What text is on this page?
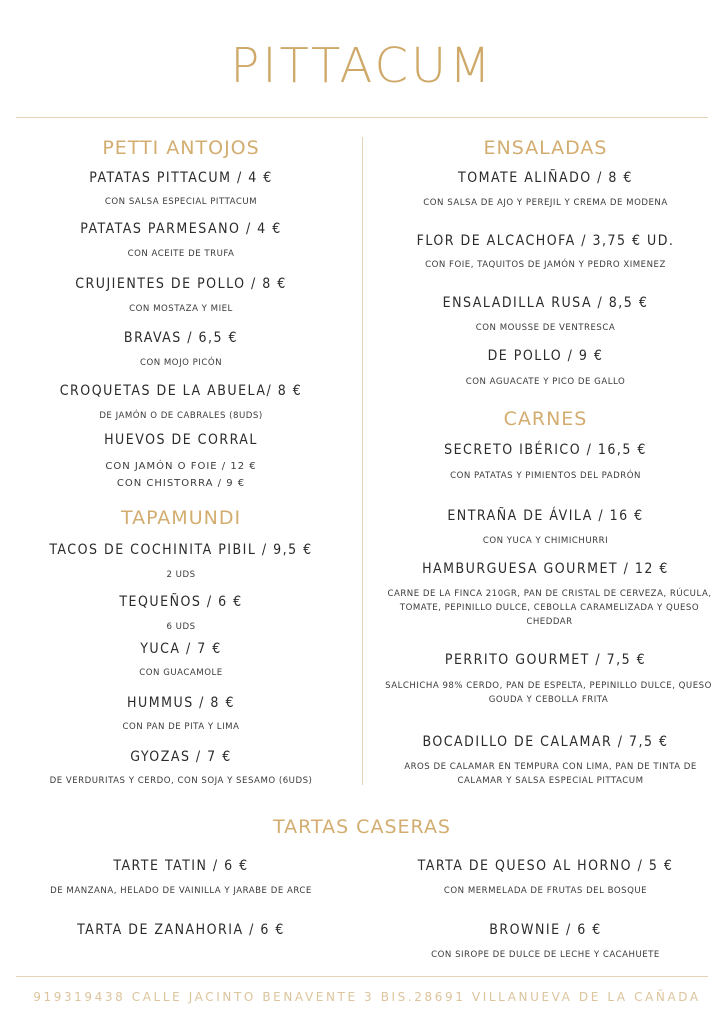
PITTACUM
PETTI ANTOJOS
PATATAS PITTACUM / 4 €
CON SALSA ESPECIAL PITTACUM
PATATAS PARMESANO / 4 €
CON ACEITE DE TRUFA
CRUJIENTES DE POLLO / 8 €
CON MOSTAZA Y MIEL
BRAVAS / 6,5 €
CON MOJO PICÓN
CROQUETAS DE LA ABUELA/ 8 €
DE JAMÓN O DE CABRALES (8UDS)
HUEVOS DE CORRAL
CON JAMÓN O FOIE / 12 €
CON CHISTORRA / 9 €
TAPAMUNDI
TACOS DE COCHINITA PIBIL / 9,5 €
2 UDS
TEQUEÑOS / 6 €
6 UDS
YUCA / 7 €
CON GUACAMOLE
HUMMUS / 8 €
CON PAN DE PITA Y LIMA
GYOZAS / 7 €
DE VERDURITAS Y CERDO, CON SOJA Y SESAMO (6UDS)
ENSALADAS
TOMATE ALIÑADO / 8 €
CON SALSA DE AJO Y PEREJIL Y CREMA DE MODENA
FLOR DE ALCACHOFA / 3,75 € UD.
CON FOIE, TAQUITOS DE JAMÓN Y PEDRO XIMENEZ
ENSALADILLA RUSA / 8,5 €
CON MOUSSE DE VENTRESCA
DE POLLO / 9 €
CON AGUACATE Y PICO DE GALLO
CARNES
SECRETO IBÉRICO / 16,5 €
CON PATATAS Y PIMIENTOS DEL PADRÓN
ENTRAÑA DE ÁVILA / 16 €
CON YUCA Y CHIMICHURRI
HAMBURGUESA GOURMET / 12 €
CARNE DE LA FINCA 210GR, PAN DE CRISTAL DE CERVEZA, RÚCULA, TOMATE, PEPINILLO DULCE, CEBOLLA CARAMELIZADA Y QUESO CHEDDAR
PERRITO GOURMET / 7,5 €
SALCHICHA 98% CERDO, PAN DE ESPELTA, PEPINILLO DULCE, QUESO GOUDA Y CEBOLLA FRITA
BOCADILLO DE CALAMAR / 7,5 €
AROS DE CALAMAR EN TEMPURA CON LIMA, PAN DE TINTA DE CALAMAR Y SALSA ESPECIAL PITTACUM
TARTAS CASERAS
TARTE TATIN / 6 €
DE MANZANA, HELADO DE VAINILLA Y JARABE DE ARCE
TARTA DE QUESO AL HORNO / 5 €
CON MERMELADA DE FRUTAS DEL BOSQUE
TARTA DE ZANAHORIA / 6 €	BROWNIE / 6 €
CON SIROPE DE DULCE DE LECHE Y CACAHUETE
919319438 CALLE JACINTO BENAVENTE 3 BIS.28691 VILLANUEVA DE LA CAÑADA
